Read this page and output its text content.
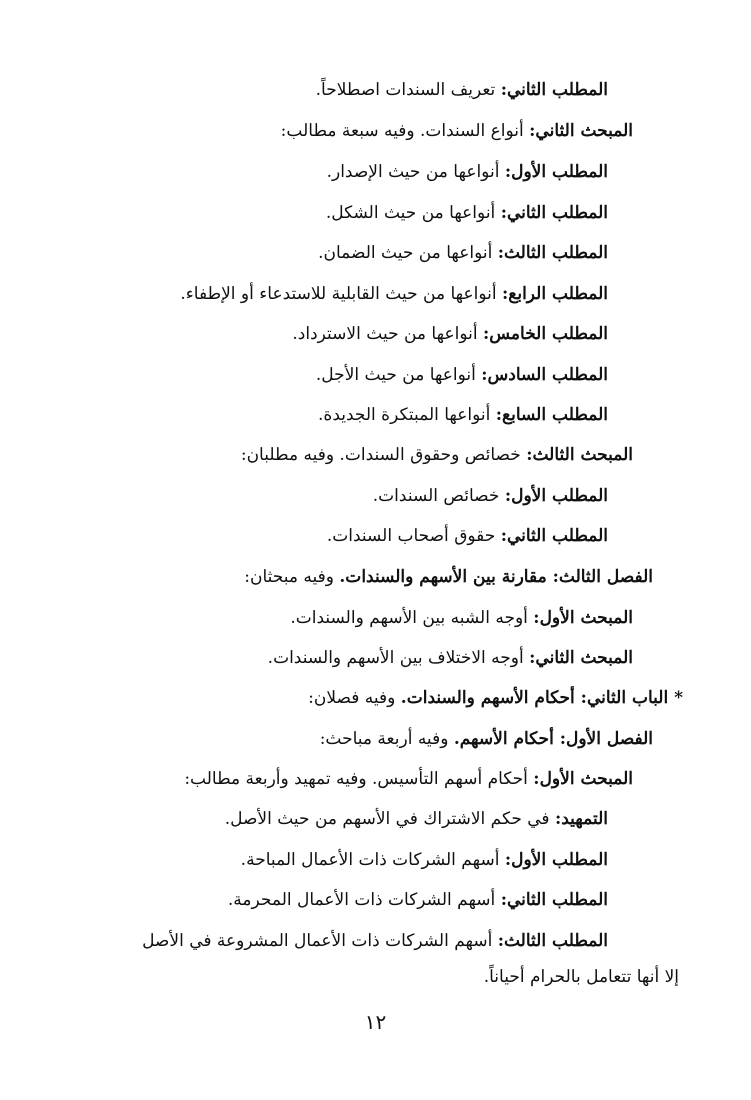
المطلب الثاني: تعريف السندات اصطلاحاً.
المبحث الثاني: أنواع السندات. وفيه سبعة مطالب:
المطلب الأول: أنواعها من حيث الإصدار.
المطلب الثاني: أنواعها من حيث الشكل.
المطلب الثالث: أنواعها من حيث الضمان.
المطلب الرابع: أنواعها من حيث القابلية للاستدعاء أو الإطفاء.
المطلب الخامس: أنواعها من حيث الاسترداد.
المطلب السادس: أنواعها من حيث الأجل.
المطلب السابع: أنواعها المبتكرة الجديدة.
المبحث الثالث: خصائص وحقوق السندات. وفيه مطلبان:
المطلب الأول: خصائص السندات.
المطلب الثاني: حقوق أصحاب السندات.
الفصل الثالث: مقارنة بين الأسهم والسندات. وفيه مبحثان:
المبحث الأول: أوجه الشبه بين الأسهم والسندات.
المبحث الثاني: أوجه الاختلاف بين الأسهم والسندات.
* الباب الثاني: أحكام الأسهم والسندات. وفيه فصلان:
الفصل الأول: أحكام الأسهم. وفيه أربعة مباحث:
المبحث الأول: أحكام أسهم التأسيس. وفيه تمهيد وأربعة مطالب:
التمهيد: في حكم الاشتراك في الأسهم من حيث الأصل.
المطلب الأول: أسهم الشركات ذات الأعمال المباحة.
المطلب الثاني: أسهم الشركات ذات الأعمال المحرمة.
المطلب الثالث: أسهم الشركات ذات الأعمال المشروعة في الأصل
إلا أنها تتعامل بالحرام أحياناً.
١٢
